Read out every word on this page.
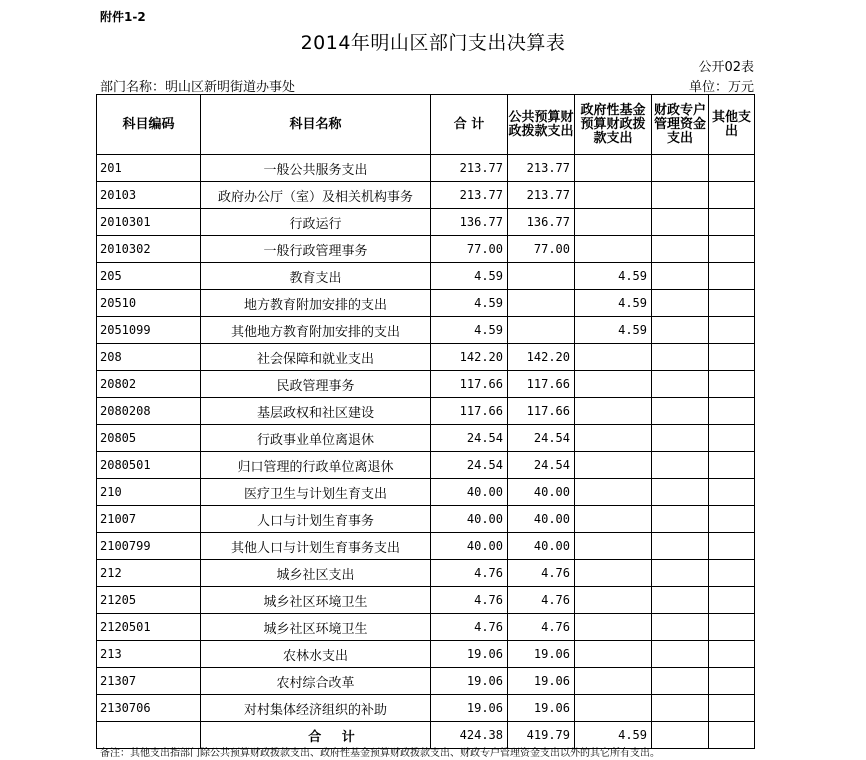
附件1-2
2014年明山区部门支出决算表
公开02表
部门名称：明山区新明街道办事处	单位：万元
科目编码	科目名称	合 计	公共预算财政拨款支出	政府性基金预算财政拨款支出	财政专户管理资金支出	其他支出
201	一般公共服务支出	213.77	213.77			
20103	政府办公厅（室）及相关机构事务	213.77	213.77			
2010301	行政运行	136.77	136.77			
2010302	一般行政管理事务	77.00	77.00			
205	教育支出	4.59		4.59		
20510	地方教育附加安排的支出	4.59		4.59		
2051099	其他地方教育附加安排的支出	4.59		4.59		
208	社会保障和就业支出	142.20	142.20			
20802	民政管理事务	117.66	117.66			
2080208	基层政权和社区建设	117.66	117.66			
20805	行政事业单位离退休	24.54	24.54			
2080501	归口管理的行政单位离退休	24.54	24.54			
210	医疗卫生与计划生育支出	40.00	40.00			
21007	人口与计划生育事务	40.00	40.00			
2100799	其他人口与计划生育事务支出	40.00	40.00			
212	城乡社区支出	4.76	4.76			
21205	城乡社区环境卫生	4.76	4.76			
2120501	城乡社区环境卫生	4.76	4.76			
213	农林水支出	19.06	19.06			
21307	农村综合改革	19.06	19.06			
2130706	对村集体经济组织的补助	19.06	19.06			
	合 计	424.38	419.79	4.59		
备注：其他支出指部门除公共预算财政拨款支出、政府性基金预算财政拨款支出、财政专户管理资金支出以外的其它所有支出。
